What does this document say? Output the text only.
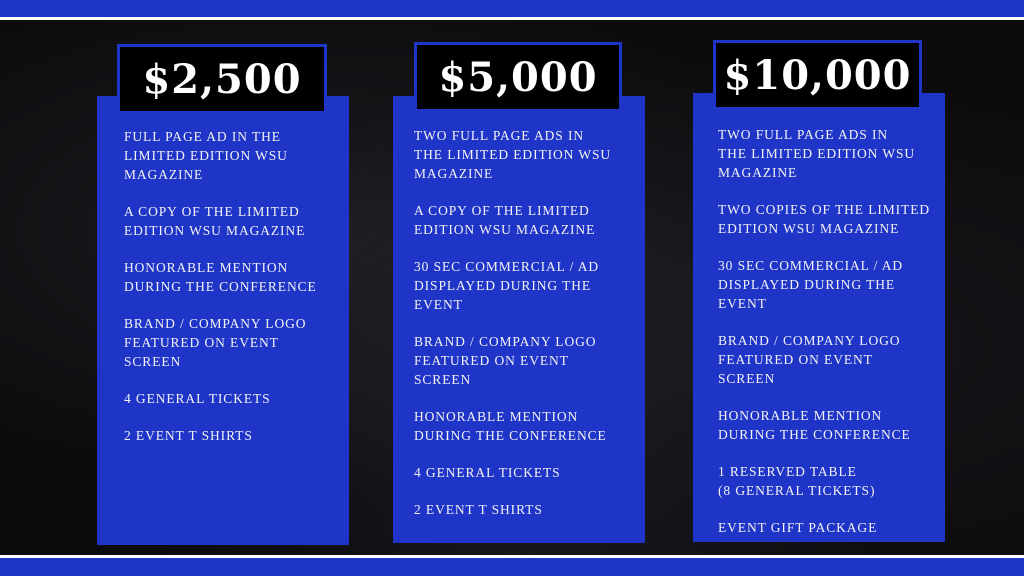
$2,500
FULL PAGE AD IN THE
LIMITED EDITION WSU
MAGAZINE
A COPY OF THE LIMITED
EDITION WSU MAGAZINE
HONORABLE MENTION
DURING THE CONFERENCE
BRAND / COMPANY LOGO
FEATURED ON EVENT
SCREEN
4 GENERAL TICKETS
2 EVENT T SHIRTS
$5,000
TWO FULL PAGE ADS IN
THE LIMITED EDITION WSU
MAGAZINE
A COPY OF THE LIMITED
EDITION WSU MAGAZINE
30 SEC COMMERCIAL / AD
DISPLAYED DURING THE
EVENT
BRAND / COMPANY LOGO
FEATURED ON EVENT
SCREEN
HONORABLE MENTION
DURING THE CONFERENCE
4 GENERAL TICKETS
2 EVENT T SHIRTS
$10,000
TWO FULL PAGE ADS IN
THE LIMITED EDITION WSU
MAGAZINE
TWO COPIES OF THE LIMITED
EDITION WSU MAGAZINE
30 SEC COMMERCIAL / AD
DISPLAYED DURING THE
EVENT
BRAND / COMPANY LOGO
FEATURED ON EVENT
SCREEN
HONORABLE MENTION
DURING THE CONFERENCE
1 RESERVED TABLE
(8 GENERAL TICKETS)
EVENT GIFT PACKAGE
